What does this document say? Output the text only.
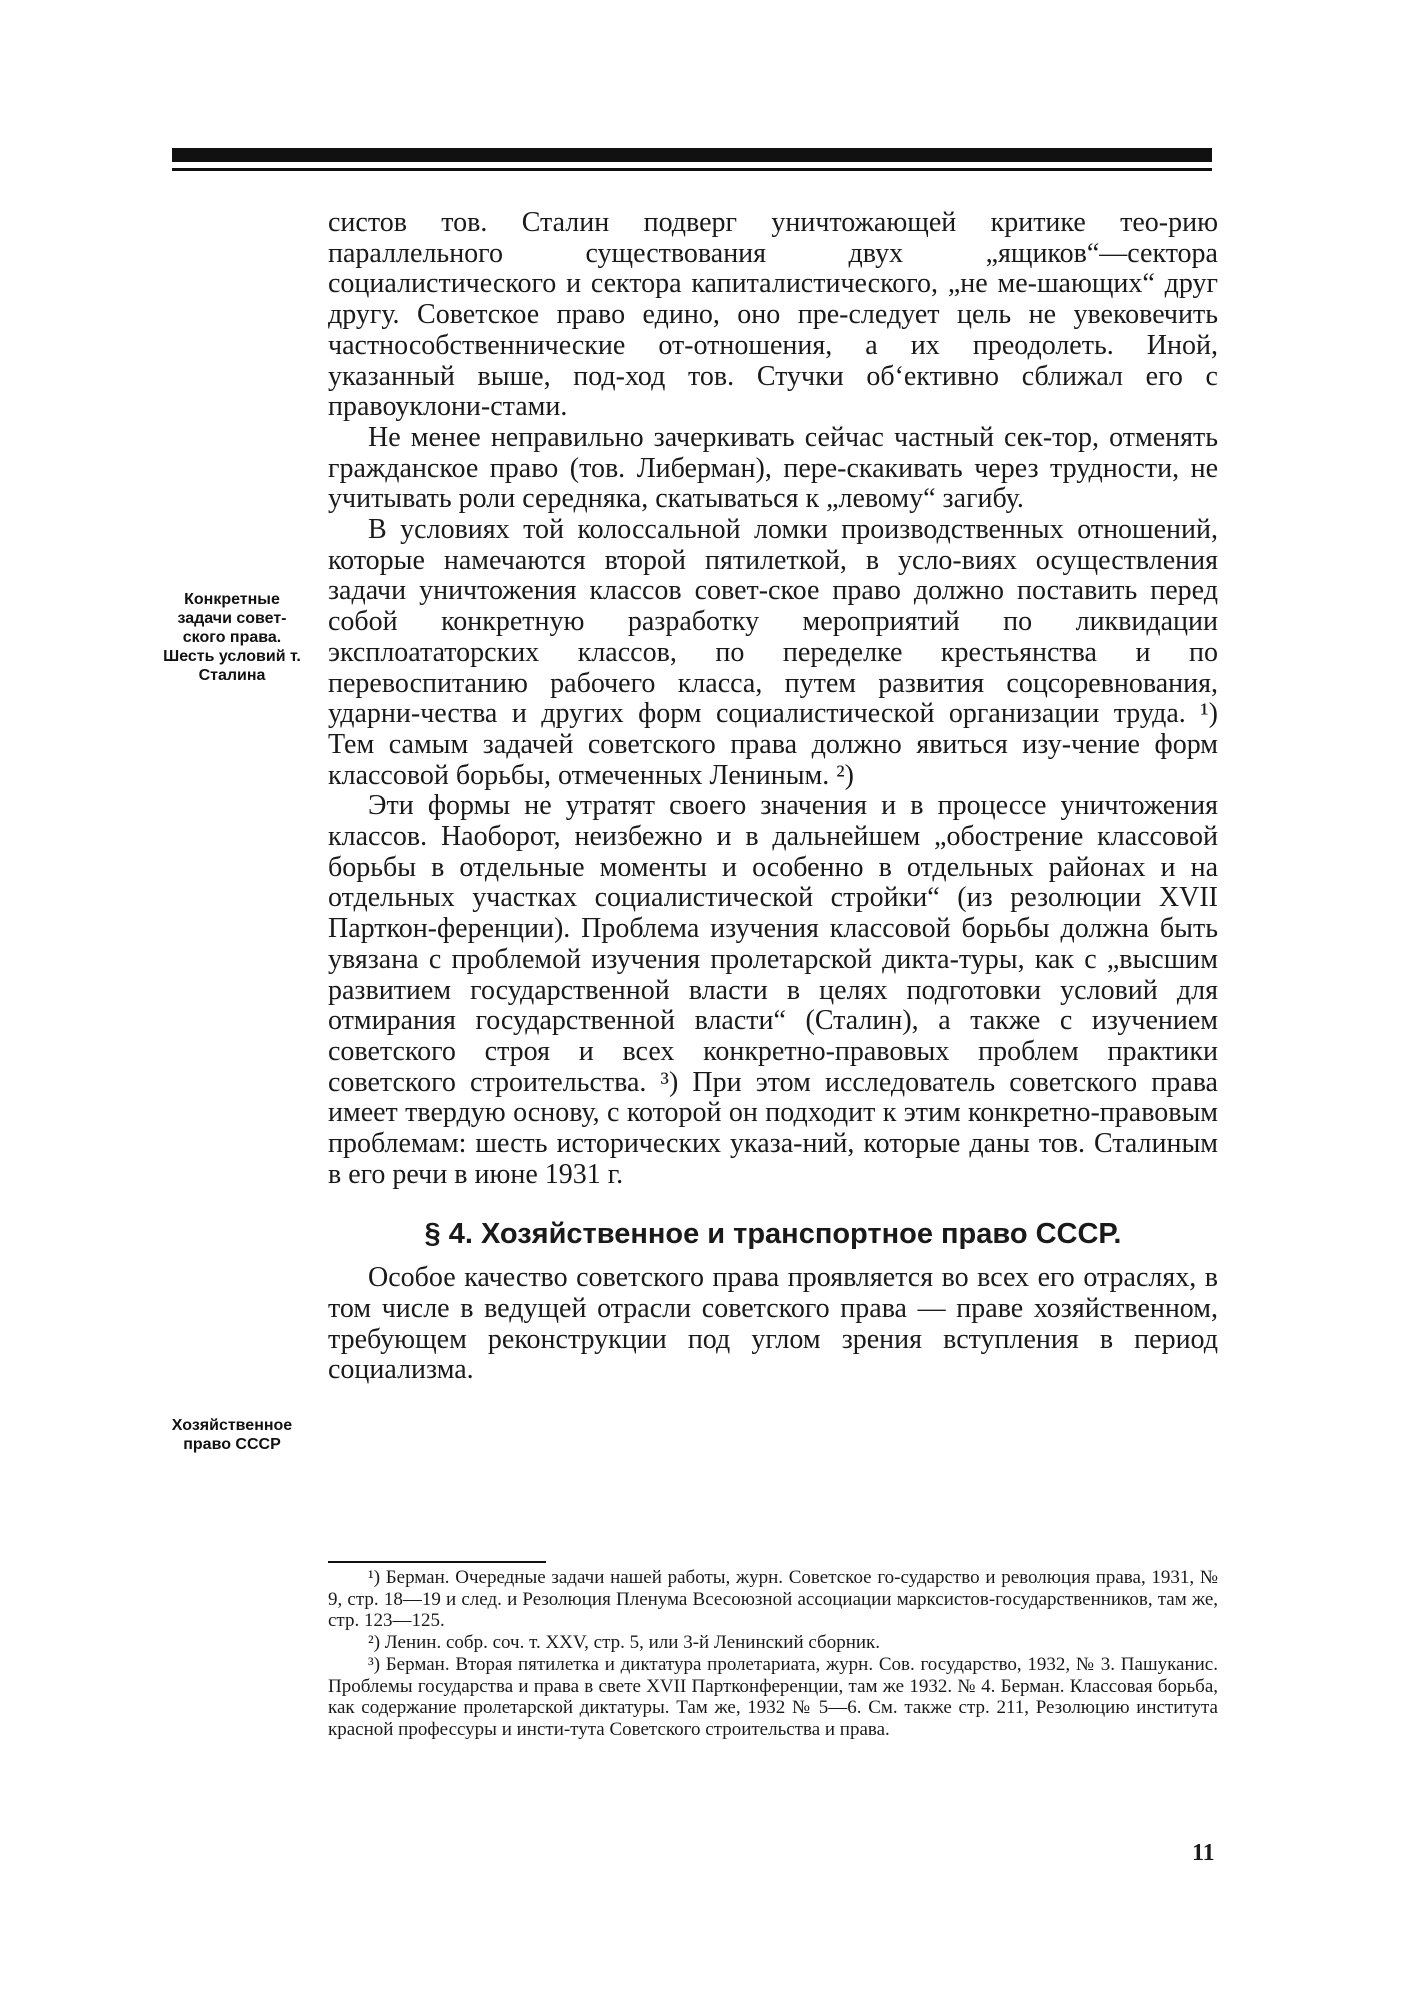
Конкретные задачи совет-ского права. Шесть условий т. Сталина
Хозяйственное право СССР

систов тов. Сталин подверг уничтожающей критике тео-рию параллельного существования двух „ящиков“—сектора социалистического и сектора капиталистического, „не ме-шающих“ друг другу. Советское право едино, оно пре-следует цель не увековечить частнособственнические от-отношения, а их преодолеть. Иной, указанный выше, под-ход тов. Стучки об‘ективно сближал его с правоуклони-стами.

Не менее неправильно зачеркивать сейчас частный сек-тор, отменять гражданское право (тов. Либерман), пере-скакивать через трудности, не учитывать роли середняка, скатываться к „левому“ загибу.

В условиях той колоссальной ломки производственных отношений, которые намечаются второй пятилеткой, в усло-виях осуществления задачи уничтожения классов совет-ское право должно поставить перед собой конкретную разработку мероприятий по ликвидации эксплоататорских классов, по переделке крестьянства и по перевоспитанию рабочего класса, путем развития соцсоревнования, ударни-чества и других форм социалистической организации труда. ¹) Тем самым задачей советского права должно явиться изу-чение форм классовой борьбы, отмеченных Лениным. ²)

Эти формы не утратят своего значения и в процессе уничтожения классов. Наоборот, неизбежно и в дальнейшем „обострение классовой борьбы в отдельные моменты и особенно в отдельных районах и на отдельных участках социалистической стройки“ (из резолюции XVII Парткон-ференции). Проблема изучения классовой борьбы должна быть увязана с проблемой изучения пролетарской дикта-туры, как с „высшим развитием государственной власти в целях подготовки условий для отмирания государственной власти“ (Сталин), а также с изучением советского строя и всех конкретно-правовых проблем практики советского строительства. ³) При этом исследователь советского права имеет твердую основу, с которой он подходит к этим конкретно-правовым проблемам: шесть исторических указа-ний, которые даны тов. Сталиным в его речи в июне 1931 г.

§ 4. Хозяйственное и транспортное право СССР.

Особое качество советского права проявляется во всех его отраслях, в том числе в ведущей отрасли советского права — праве хозяйственном, требующем реконструкции под углом зрения вступления в период социализма.

¹) Берман. Очередные задачи нашей работы, журн. Советское го-сударство и революция права, 1931, № 9, стр. 18—19 и след. и Резолюция Пленума Всесоюзной ассоциации марксистов-государственников, там же, стр. 123—125.

²) Ленин. собр. соч. т. XXV, стр. 5, или 3-й Ленинский сборник.

³) Берман. Вторая пятилетка и диктатура пролетариата, журн. Сов. государство, 1932, № 3. Пашуканис. Проблемы государства и права в свете XVII Партконференции, там же 1932. № 4. Берман. Классовая борьба, как содержание пролетарской диктатуры. Там же, 1932 № 5—6. См. также стр. 211, Резолюцию института красной профессуры и инсти-тута Советского строительства и права.

11
